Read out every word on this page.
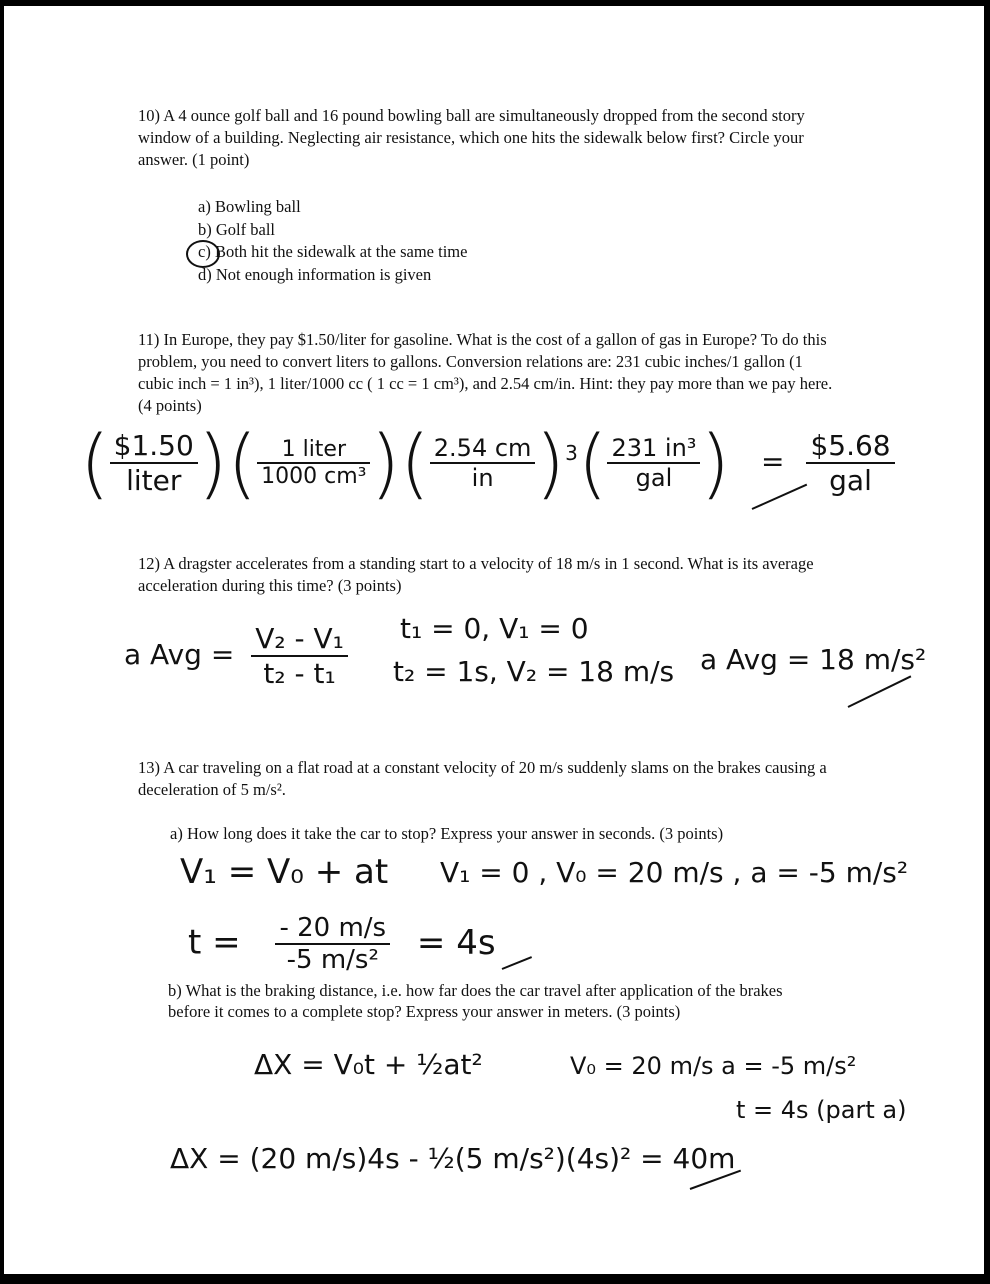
10) A 4 ounce golf ball and 16 pound bowling ball are simultaneously dropped from the second story window of a building. Neglecting air resistance, which one hits the sidewalk below first? Circle your answer. (1 point)

a) Bowling ball
b) Golf ball
c) Both hit the sidewalk at the same time
d) Not enough information is given

11) In Europe, they pay $1.50/liter for gasoline. What is the cost of a gallon of gas in Europe? To do this problem, you need to convert liters to gallons. Conversion relations are: 231 cubic inches/1 gallon (1 cubic inch = 1 in³), 1 liter/1000 cc ( 1 cc = 1 cm³), and 2.54 cm/in. Hint: they pay more than we pay here. (4 points)

( $\frac{\$1.50}{\text{liter}}$ )( $\frac{\text{1 liter}}{\text{1000 cm³}}$ )( $\frac{2.54 cm}{in} )^3( \frac{\text{231 in³}}{\text{gal}}$ ) = $\frac{\$5.68}{\text{gal}}$

12) A dragster accelerates from a standing start to a velocity of 18 m/s in 1 second. What is its average acceleration during this time? (3 points)

a Avg = $\frac{\text{V₂ - V₁}}{\text{t₂ - t₁}} t_1 = 0$, V₁ = 0
t₂ = 1s, V₂ = 18 m/s a Avg = 18 m/s²

13) A car traveling on a flat road at a constant velocity of 20 m/s suddenly slams on the brakes causing a deceleration of 5 m/s².

a) How long does it take the car to stop? Express your answer in seconds. (3 points)

V₁ = V₀ + at V₁ = 0 , V₀ = 20 m/s , a = -5 m/s²
$t = \frac{- 20 m/s}{\text{-5 m/s²}} = 4s$

b) What is the braking distance, i.e. how far does the car travel after application of the brakes before it comes to a complete stop? Express your answer in meters. (3 points)

ΔX = V₀t + ½at²	V₀ = 20 m/s a = -5 m/s²
t = 4s (part a)
ΔX = (20 m/s)4s - ½(5 m/s²)(4s)² = 40m
